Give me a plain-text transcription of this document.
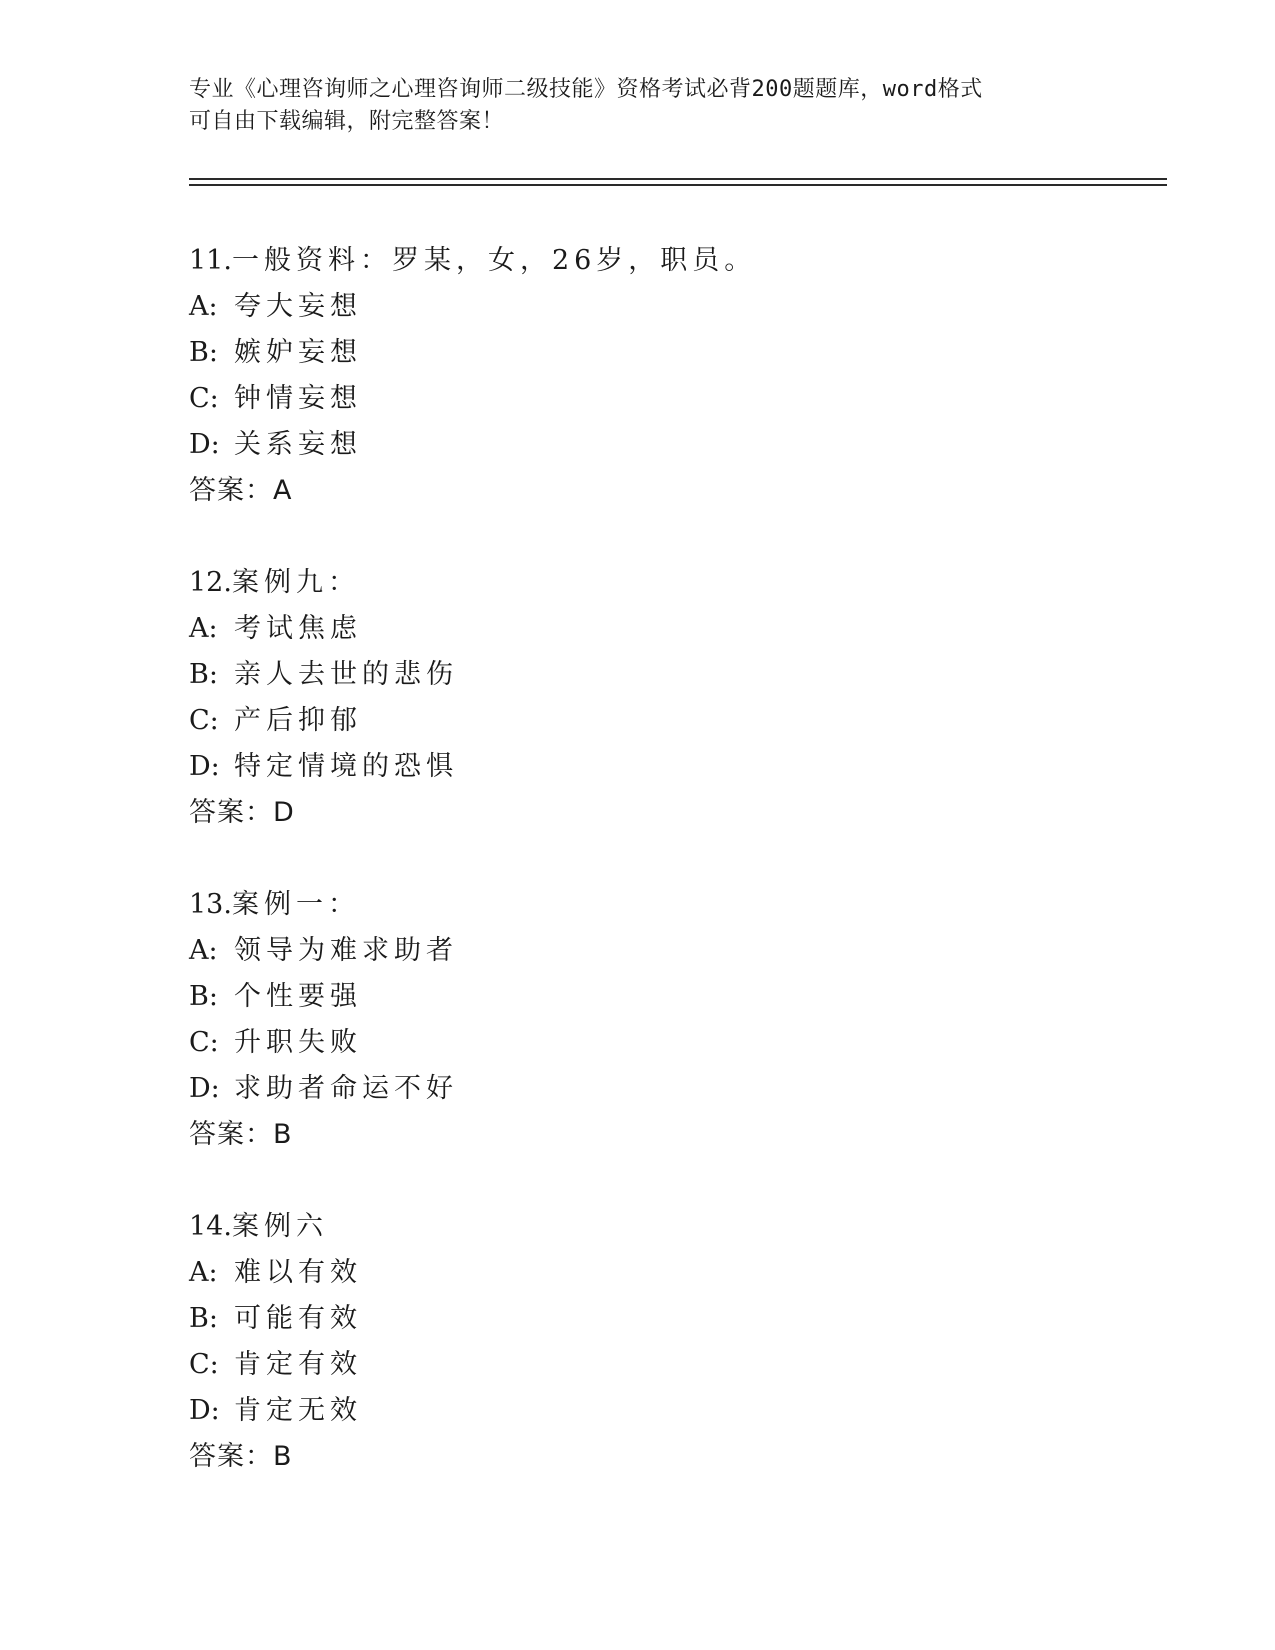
专业《心理咨询师之心理咨询师二级技能》资格考试必背200题题库，word格式
可自由下载编辑，附完整答案！
11.一般资料：罗某，女，26岁，职员。
A: 夸大妄想
B: 嫉妒妄想
C: 钟情妄想
D: 关系妄想
答案：A
12.案例九：
A: 考试焦虑
B: 亲人去世的悲伤
C: 产后抑郁
D: 特定情境的恐惧
答案：D
13.案例一：
A: 领导为难求助者
B: 个性要强
C: 升职失败
D: 求助者命运不好
答案：B
14.案例六
A: 难以有效
B: 可能有效
C: 肯定有效
D: 肯定无效
答案：B
